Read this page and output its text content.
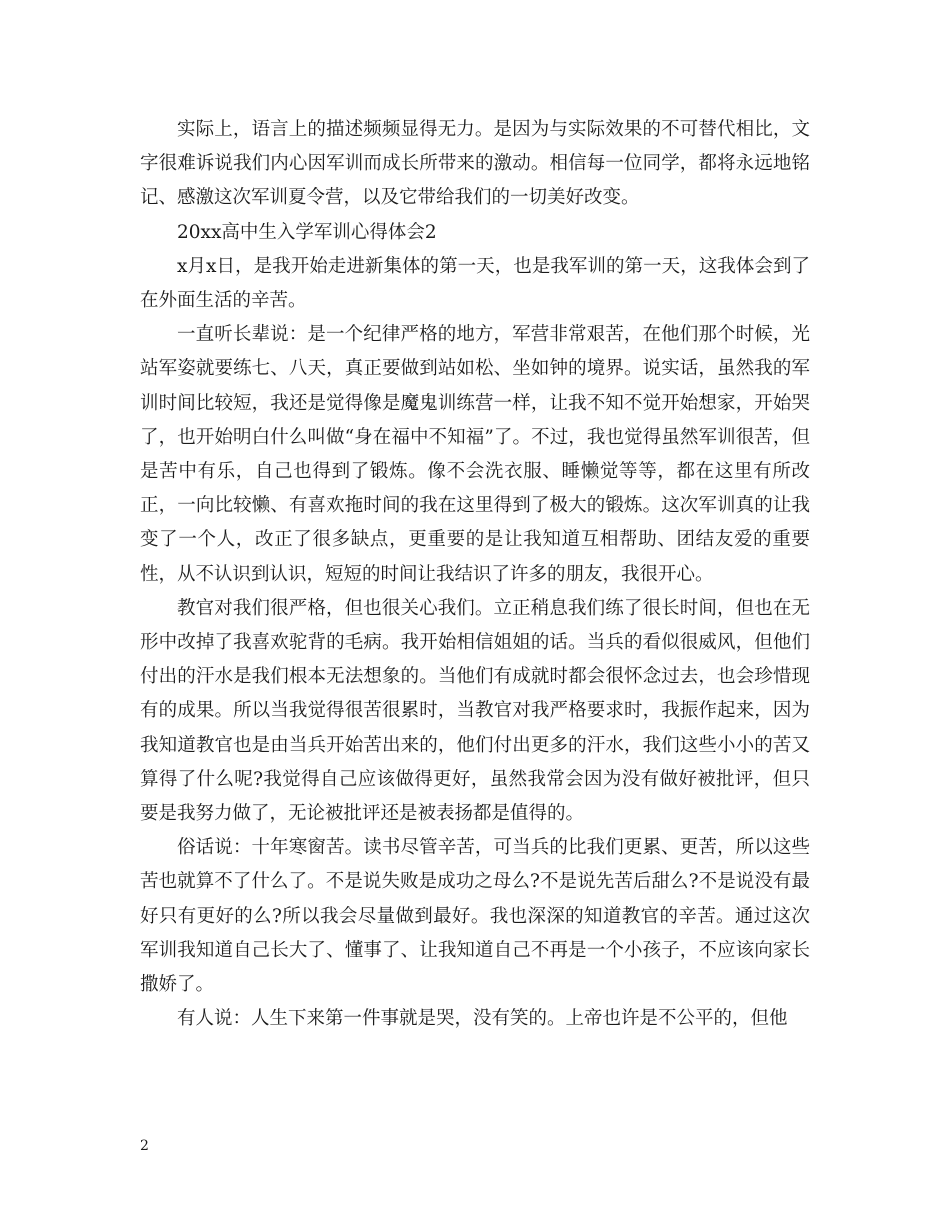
实际上，语言上的描述频频显得无力。是因为与实际效果的不可替代相比，文字很难诉说我们内心因军训而成长所带来的激动。相信每一位同学，都将永远地铭记、感激这次军训夏令营，以及它带给我们的一切美好改变。

20xx高中生入学军训心得体会2

x月x日，是我开始走进新集体的第一天，也是我军训的第一天，这我体会到了在外面生活的辛苦。

一直听长辈说：是一个纪律严格的地方，军营非常艰苦，在他们那个时候，光站军姿就要练七、八天，真正要做到站如松、坐如钟的境界。说实话，虽然我的军训时间比较短，我还是觉得像是魔鬼训练营一样，让我不知不觉开始想家，开始哭了，也开始明白什么叫做“身在福中不知福”了。不过，我也觉得虽然军训很苦，但是苦中有乐，自己也得到了锻炼。像不会洗衣服、睡懒觉等等，都在这里有所改正，一向比较懒、有喜欢拖时间的我在这里得到了极大的锻炼。这次军训真的让我变了一个人，改正了很多缺点，更重要的是让我知道互相帮助、团结友爱的重要性，从不认识到认识，短短的时间让我结识了许多的朋友，我很开心。

教官对我们很严格，但也很关心我们。立正稍息我们练了很长时间，但也在无形中改掉了我喜欢驼背的毛病。我开始相信姐姐的话。当兵的看似很威风，但他们付出的汗水是我们根本无法想象的。当他们有成就时都会很怀念过去，也会珍惜现有的成果。所以当我觉得很苦很累时，当教官对我严格要求时，我振作起来，因为我知道教官也是由当兵开始苦出来的，他们付出更多的汗水，我们这些小小的苦又算得了什么呢?我觉得自己应该做得更好，虽然我常会因为没有做好被批评，但只要是我努力做了，无论被批评还是被表扬都是值得的。

俗话说：十年寒窗苦。读书尽管辛苦，可当兵的比我们更累、更苦，所以这些苦也就算不了什么了。不是说失败是成功之母么?不是说先苦后甜么?不是说没有最好只有更好的么?所以我会尽量做到最好。我也深深的知道教官的辛苦。通过这次军训我知道自己长大了、懂事了、让我知道自己不再是一个小孩子，不应该向家长撒娇了。

有人说：人生下来第一件事就是哭，没有笑的。上帝也许是不公平的，但他

2
